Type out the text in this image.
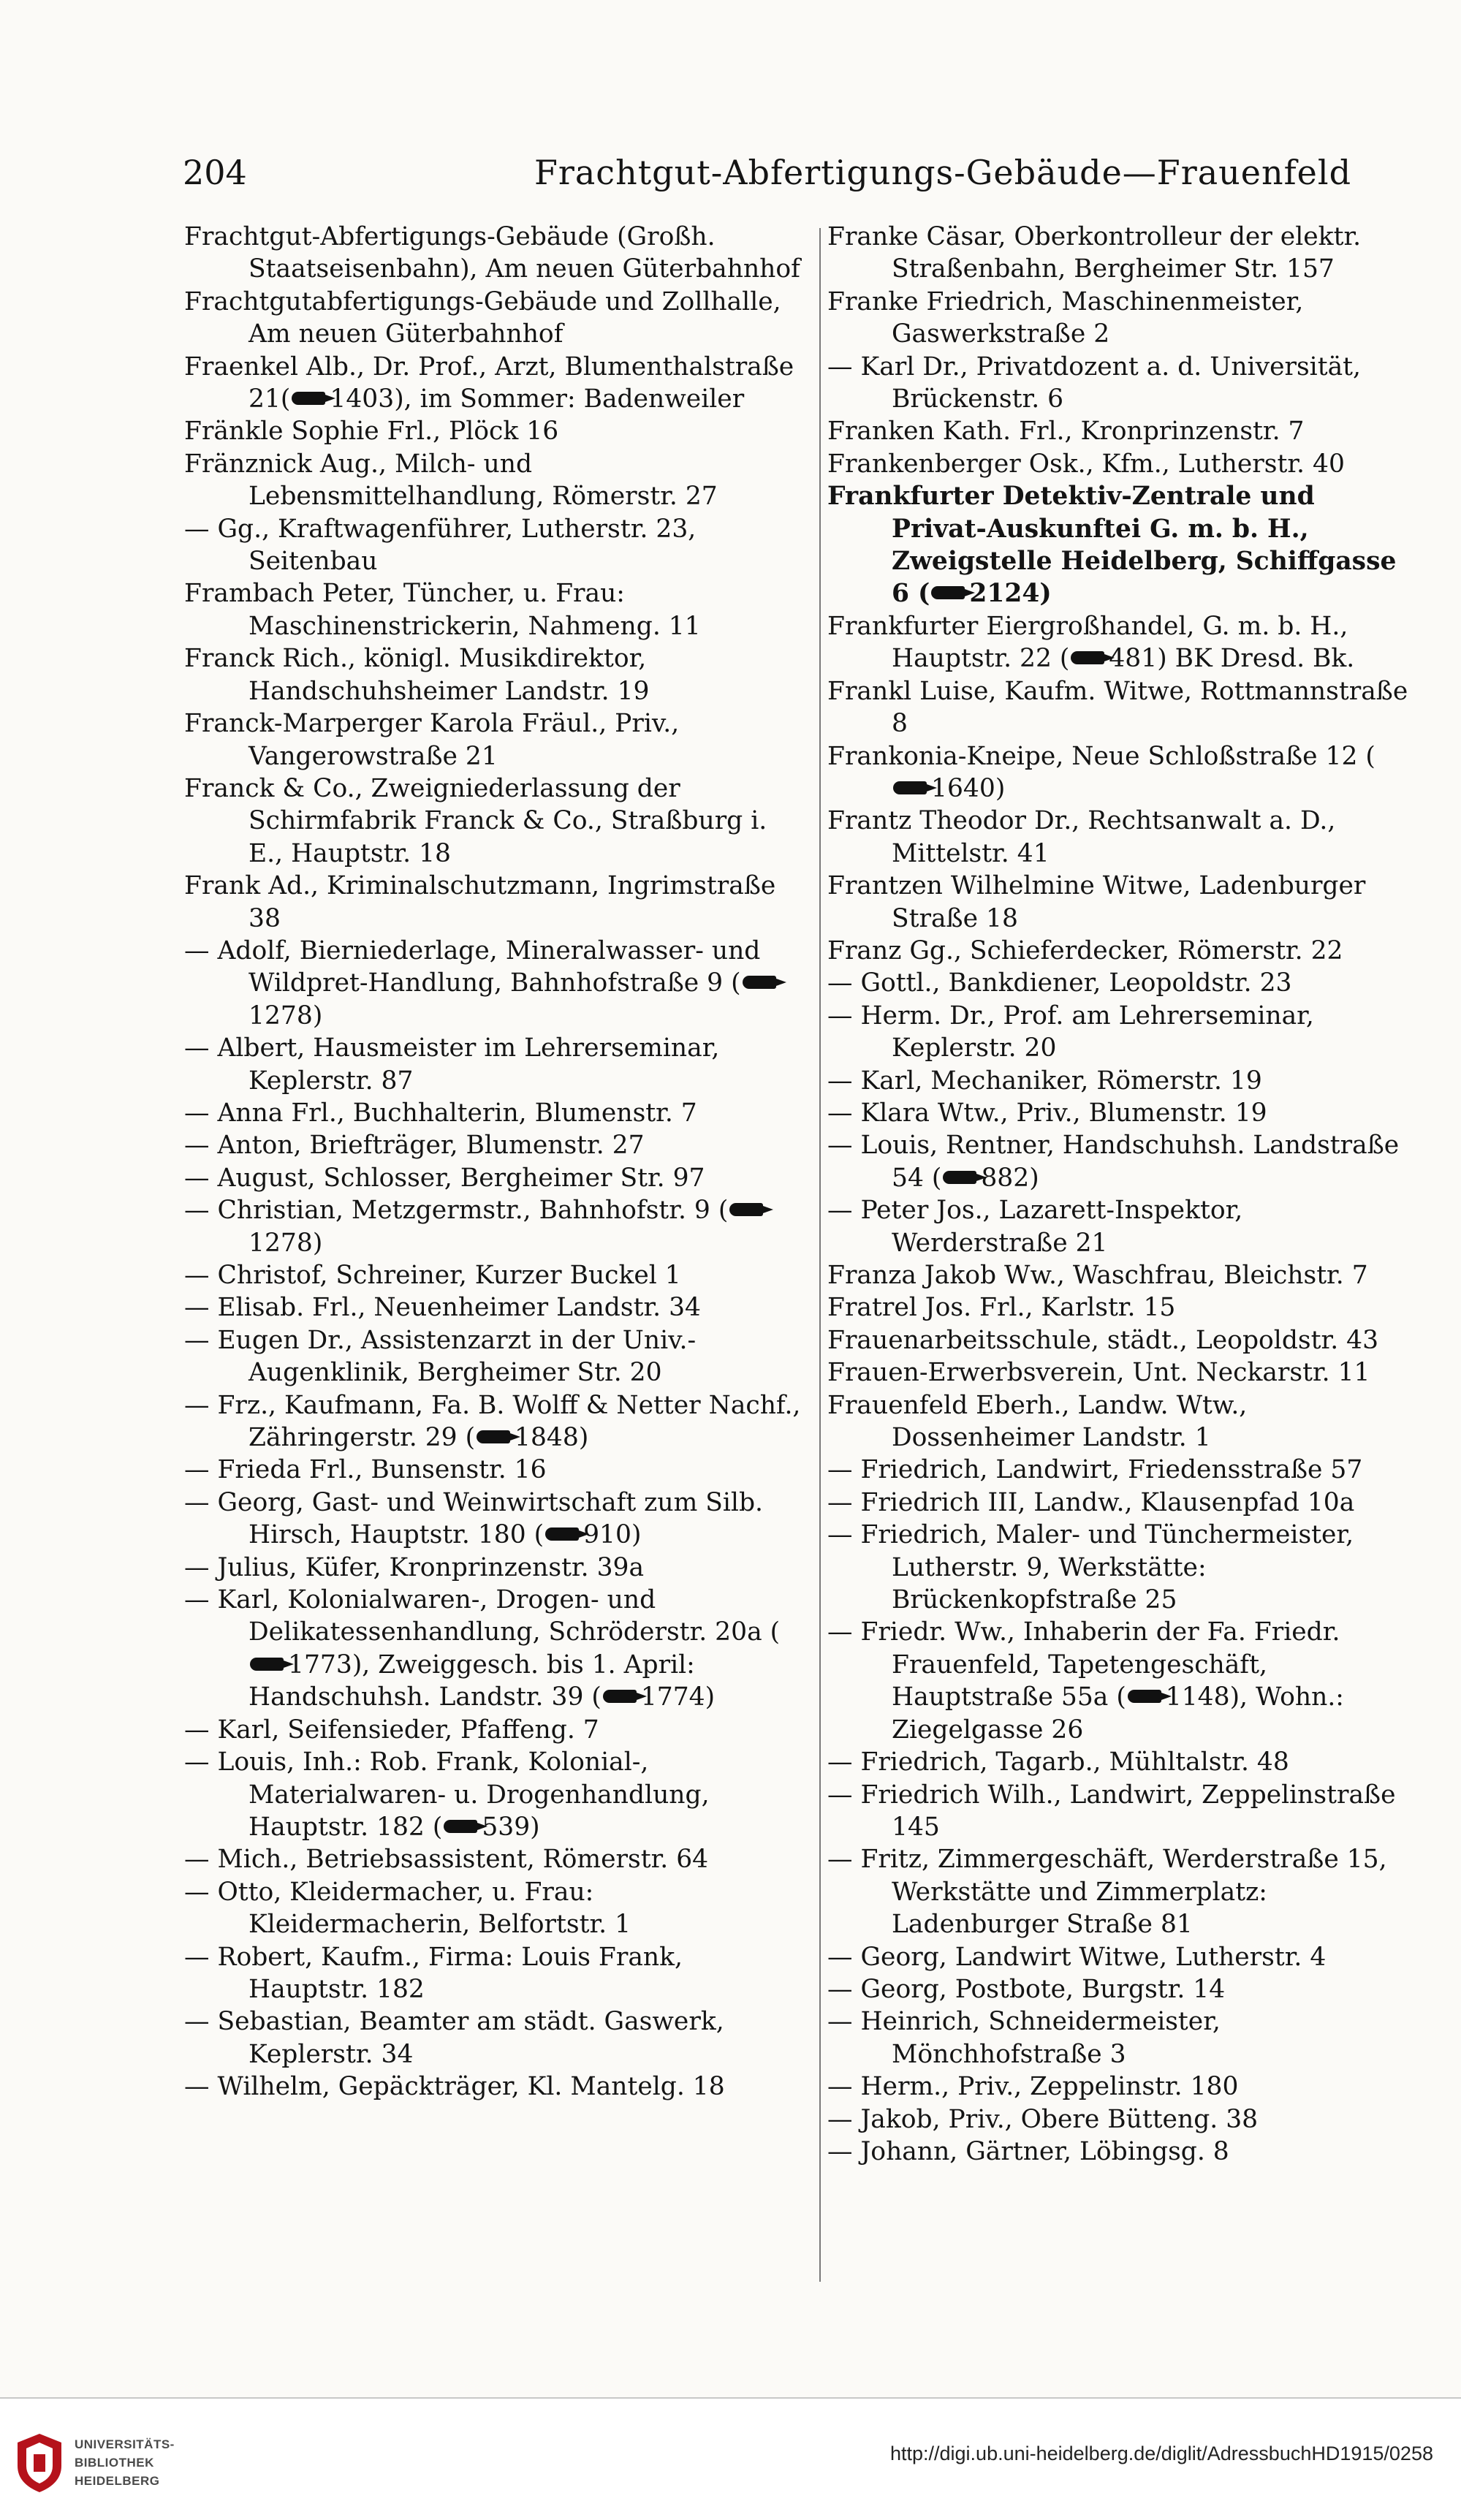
204	Frachtgut-Abfertigungs-Gebäude—Frauenfeld

Frachtgut-Abfertigungs-Gebäude (Großh. Staatseisenbahn), Am neuen Güterbahnhof

Frachtgutabfertigungs-Gebäude und Zollhalle, Am neuen Güterbahnhof

Fraenkel Alb., Dr. Prof., Arzt, Blumenthalstraße 21( 1403), im Sommer: Badenweiler

Fränkle Sophie Frl., Plöck 16

Fränznick Aug., Milch- und Lebensmittelhandlung, Römerstr. 27

— Gg., Kraftwagenführer, Lutherstr. 23, Seitenbau

Frambach Peter, Tüncher, u. Frau: Maschinenstrickerin, Nahmeng. 11

Franck Rich., königl. Musikdirektor, Handschuhsheimer Landstr. 19

Franck-Marperger Karola Fräul., Priv., Vangerowstraße 21

Franck & Co., Zweigniederlassung der Schirmfabrik Franck & Co., Straßburg i. E., Hauptstr. 18

Frank Ad., Kriminalschutzmann, Ingrimstraße 38

— Adolf, Bierniederlage, Mineralwasser- und Wildpret-Handlung, Bahnhofstraße 9 (1278)

— Albert, Hausmeister im Lehrerseminar, Keplerstr. 87

— Anna Frl., Buchhalterin, Blumenstr. 7

— Anton, Briefträger, Blumenstr. 27

— August, Schlosser, Bergheimer Str. 97

— Christian, Metzgermstr., Bahnhofstr. 9 (1278)

— Christof, Schreiner, Kurzer Buckel 1

— Elisab. Frl., Neuenheimer Landstr. 34

— Eugen Dr., Assistenzarzt in der Univ.-Augenklinik, Bergheimer Str. 20

— Frz., Kaufmann, Fa. B. Wolff & Netter Nachf., Zähringerstr. 29 ( 1848)

— Frieda Frl., Bunsenstr. 16

— Georg, Gast- und Weinwirtschaft zum Silb. Hirsch, Hauptstr. 180 ( 910)

— Julius, Küfer, Kronprinzenstr. 39a

— Karl, Kolonialwaren-, Drogen- und Delikatessenhandlung, Schröderstr. 20a (1773), Zweiggesch. bis 1. April: Handschuhsh. Landstr. 39 ( 1774)

— Karl, Seifensieder, Pfaffeng. 7

— Louis, Inh.: Rob. Frank, Kolonial-, Materialwaren- u. Drogenhandlung, Hauptstr. 182 ( 539)

— Mich., Betriebsassistent, Römerstr. 64

— Otto, Kleidermacher, u. Frau: Kleidermacherin, Belfortstr. 1

— Robert, Kaufm., Firma: Louis Frank, Hauptstr. 182

— Sebastian, Beamter am städt. Gaswerk, Keplerstr. 34

— Wilhelm, Gepäckträger, Kl. Mantelg. 18

Franke Cäsar, Oberkontrolleur der elektr. Straßenbahn, Bergheimer Str. 157

Franke Friedrich, Maschinenmeister, Gaswerkstraße 2

— Karl Dr., Privatdozent a. d. Universität, Brückenstr. 6

Franken Kath. Frl., Kronprinzenstr. 7

Frankenberger Osk., Kfm., Lutherstr. 40

Frankfurter Detektiv-Zentrale und Privat-Auskunftei G. m. b. H., Zweigstelle Heidelberg, Schiffgasse 6 ( 2124)

Frankfurter Eiergroßhandel, G. m. b. H., Hauptstr. 22 ( 481) BK Dresd. Bk.

Frankl Luise, Kaufm. Witwe, Rottmannstraße 8

Frankonia-Kneipe, Neue Schloßstraße 12 (1640)

Frantz Theodor Dr., Rechtsanwalt a. D., Mittelstr. 41

Frantzen Wilhelmine Witwe, Ladenburger Straße 18

Franz Gg., Schieferdecker, Römerstr. 22

— Gottl., Bankdiener, Leopoldstr. 23

— Herm. Dr., Prof. am Lehrerseminar, Keplerstr. 20

— Karl, Mechaniker, Römerstr. 19

— Klara Wtw., Priv., Blumenstr. 19

— Louis, Rentner, Handschuhsh. Landstraße 54 ( 882)

— Peter Jos., Lazarett-Inspektor, Werderstraße 21

Franza Jakob Ww., Waschfrau, Bleichstr. 7

Fratrel Jos. Frl., Karlstr. 15

Frauenarbeitsschule, städt., Leopoldstr. 43

Frauen-Erwerbsverein, Unt. Neckarstr. 11

Frauenfeld Eberh., Landw. Wtw., Dossenheimer Landstr. 1

— Friedrich, Landwirt, Friedensstraße 57

— Friedrich III, Landw., Klausenpfad 10a

— Friedrich, Maler- und Tünchermeister, Lutherstr. 9, Werkstätte: Brückenkopfstraße 25

— Friedr. Ww., Inhaberin der Fa. Friedr. Frauenfeld, Tapetengeschäft, Hauptstraße 55a ( 1148), Wohn.: Ziegelgasse 26

— Friedrich, Tagarb., Mühltalstr. 48

— Friedrich Wilh., Landwirt, Zeppelinstraße 145

— Fritz, Zimmergeschäft, Werderstraße 15, Werkstätte und Zimmerplatz: Ladenburger Straße 81

— Georg, Landwirt Witwe, Lutherstr. 4

— Georg, Postbote, Burgstr. 14

— Heinrich, Schneidermeister, Mönchhofstraße 3

— Herm., Priv., Zeppelinstr. 180

— Jakob, Priv., Obere Bütteng. 38

— Johann, Gärtner, Löbingsg. 8

UNIVERSITÄTS-
BIBLIOTHEK
HEIDELBERG
http://digi.ub.uni-heidelberg.de/diglit/AdressbuchHD1915/0258
